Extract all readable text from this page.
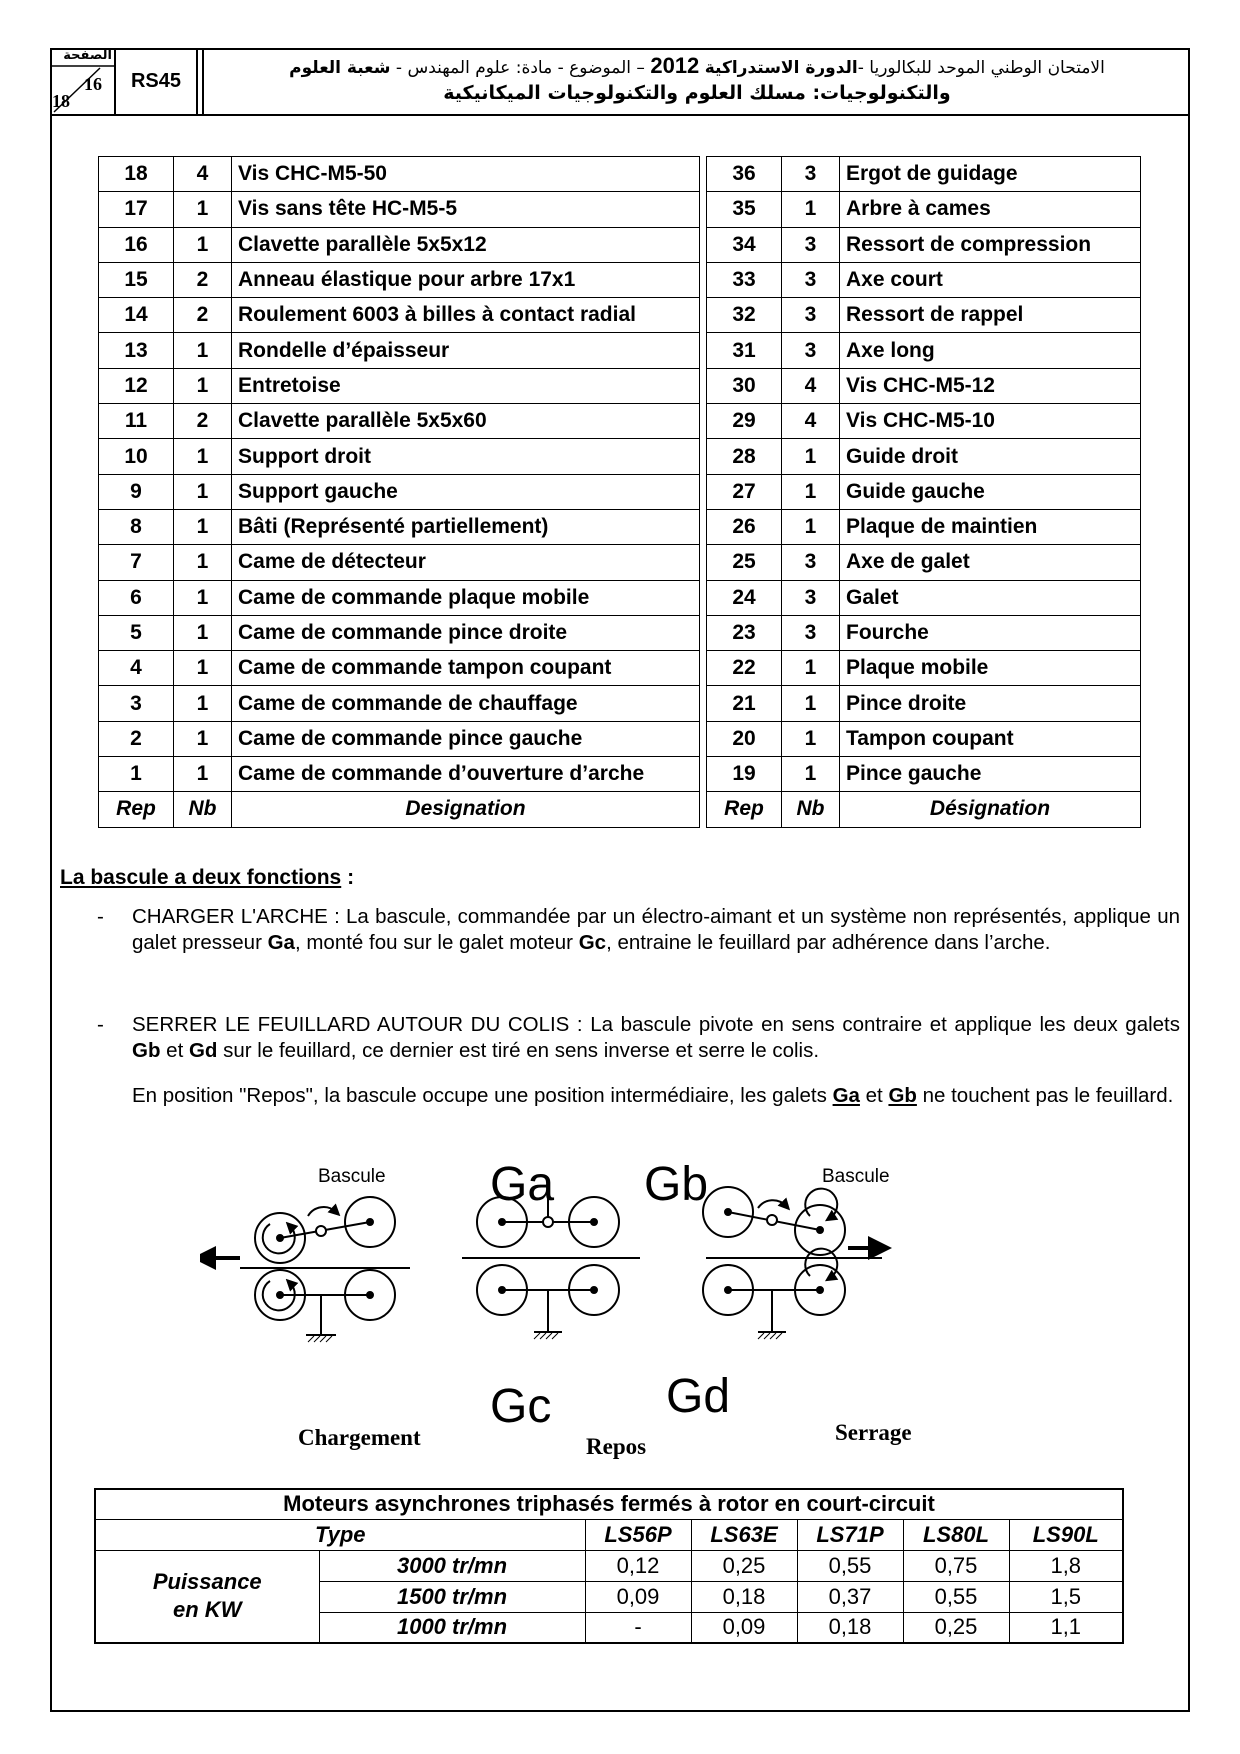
الصفحة
16
18
RS45
الامتحان الوطني الموحد للبكالوريا -الدورة الاستدراكية 2012 – الموضوع - مادة: علوم المهندس - شعبة العلوم
والتكنولوجيات: مسلك العلوم والتكنولوجيات الميكانيكية
18	4	Vis CHC-M5-50		36	3	Ergot de guidage
17	1	Vis sans tête HC-M5-5		35	1	Arbre à cames
16	1	Clavette parallèle 5x5x12		34	3	Ressort de compression
15	2	Anneau élastique pour arbre 17x1		33	3	Axe court
14	2	Roulement 6003 à billes à contact radial		32	3	Ressort de rappel
13	1	Rondelle d’épaisseur		31	3	Axe long
12	1	Entretoise		30	4	Vis CHC-M5-12
11	2	Clavette parallèle 5x5x60		29	4	Vis CHC-M5-10
10	1	Support droit		28	1	Guide droit
9	1	Support gauche		27	1	Guide gauche
8	1	Bâti (Représenté partiellement)		26	1	Plaque de maintien
7	1	Came de détecteur		25	3	Axe de galet
6	1	Came de commande plaque mobile		24	3	Galet
5	1	Came de commande pince droite		23	3	Fourche
4	1	Came de commande tampon coupant		22	1	Plaque mobile
3	1	Came de commande de chauffage		21	1	Pince droite
2	1	Came de commande pince gauche		20	1	Tampon coupant
1	1	Came de commande d’ouverture d’arche		19	1	Pince gauche
Rep	Nb	Designation		Rep	Nb	Désignation
La bascule a deux fonctions :
- CHARGER L'ARCHE : La bascule, commandée par un électro-aimant et un système non représentés, applique un galet presseur Ga, monté fou sur le galet moteur Gc, entraine le feuillard par adhérence dans l’arche.
- SERRER LE FEUILLARD AUTOUR DU COLIS : La bascule pivote en sens contraire et applique les deux galets Gb et Gd sur le feuillard, ce dernier est tiré en sens inverse et serre le colis.
En position "Repos", la bascule occupe une position intermédiaire, les galets Ga et Gb ne touchent pas le feuillard.
Bascule	Bascule
Ga Gb
Gc Gd
Chargement	Repos
Serrage
Moteurs asynchrones triphasés fermés à rotor en court-circuit						
Type		LS56P	LS63E	LS71P	LS80L	LS90L
Puissance
en KW	3000 tr/mn	0,12	0,25	0,55	0,75	1,8
	1500 tr/mn	0,09	0,18	0,37	0,55	1,5
	1000 tr/mn	-	0,09	0,18	0,25	1,1
